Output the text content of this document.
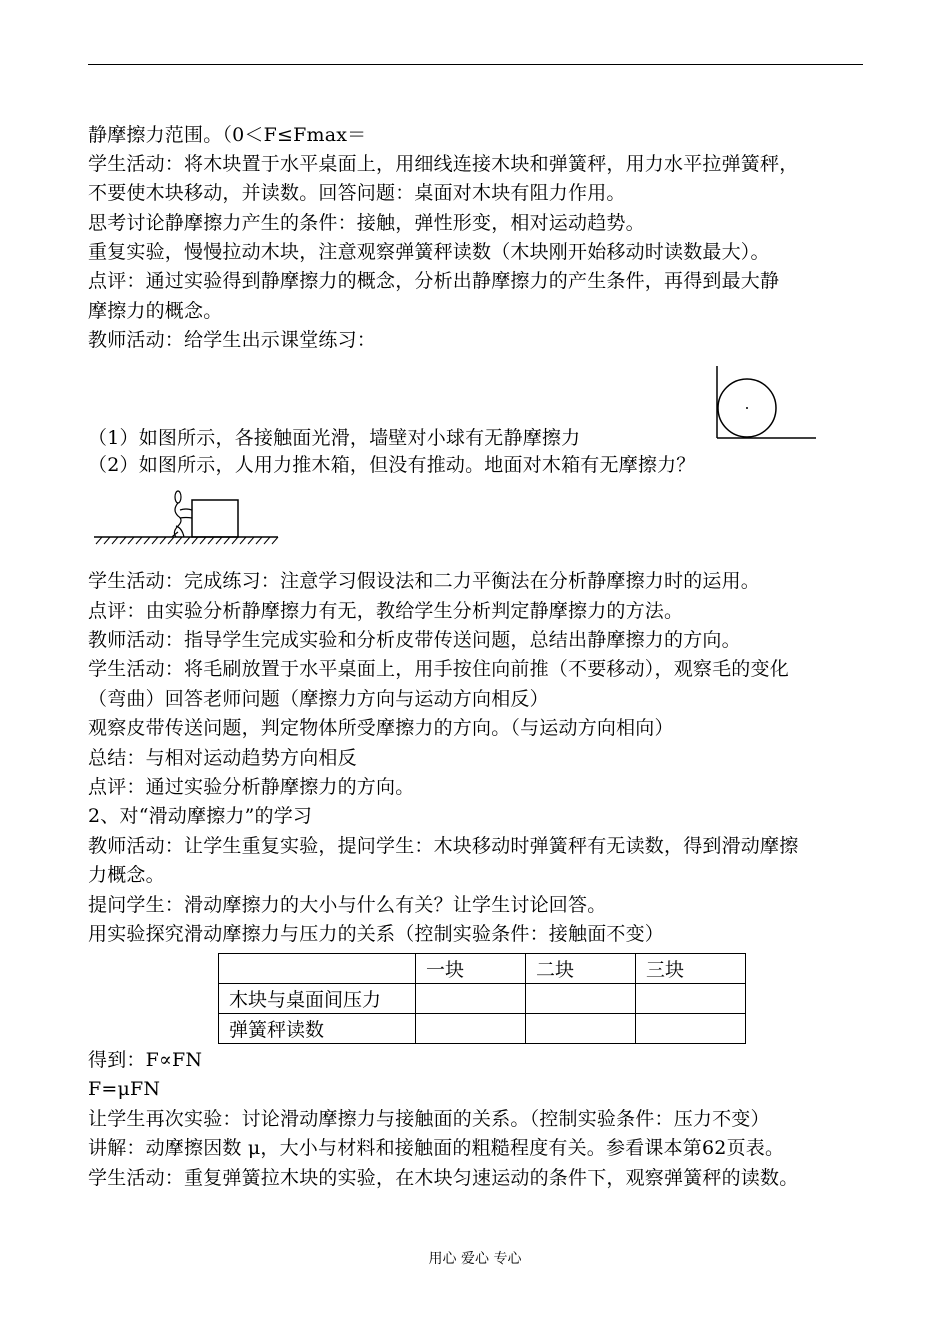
静摩擦力范围。（0＜F≤Fmax＝
学生活动：将木块置于水平桌面上，用细线连接木块和弹簧秤，用力水平拉弹簧秤，
不要使木块移动，并读数。回答问题：桌面对木块有阻力作用。
思考讨论静摩擦力产生的条件：接触，弹性形变，相对运动趋势。
重复实验，慢慢拉动木块，注意观察弹簧秤读数（木块刚开始移动时读数最大）。
点评：通过实验得到静摩擦力的概念，分析出静摩擦力的产生条件，再得到最大静
摩擦力的概念。
教师活动：给学生出示课堂练习：
（1）如图所示，各接触面光滑，墙壁对小球有无静摩擦力
（2）如图所示，人用力推木箱，但没有推动。地面对木箱有无摩擦力？
学生活动：完成练习：注意学习假设法和二力平衡法在分析静摩擦力时的运用。
点评：由实验分析静摩擦力有无，教给学生分析判定静摩擦力的方法。
教师活动：指导学生完成实验和分析皮带传送问题，总结出静摩擦力的方向。
学生活动：将毛刷放置于水平桌面上，用手按住向前推（不要移动），观察毛的变化
（弯曲）回答老师问题（摩擦力方向与运动方向相反）
观察皮带传送问题，判定物体所受摩擦力的方向。（与运动方向相向）
总结：与相对运动趋势方向相反
点评：通过实验分析静摩擦力的方向。
2、对“滑动摩擦力”的学习
教师活动：让学生重复实验，提问学生：木块移动时弹簧秤有无读数，得到滑动摩擦
力概念。
提问学生：滑动摩擦力的大小与什么有关？让学生讨论回答。
用实验探究滑动摩擦力与压力的关系（控制实验条件：接触面不变）
	一块	二块	三块
木块与桌面间压力			
弹簧秤读数			
得到：F∝FN
F=μFN
让学生再次实验：讨论滑动摩擦力与接触面的关系。（控制实验条件：压力不变）
讲解：动摩擦因数 μ，大小与材料和接触面的粗糙程度有关。参看课本第62页表。
学生活动：重复弹簧拉木块的实验，在木块匀速运动的条件下，观察弹簧秤的读数。
用心 爱心 专心
